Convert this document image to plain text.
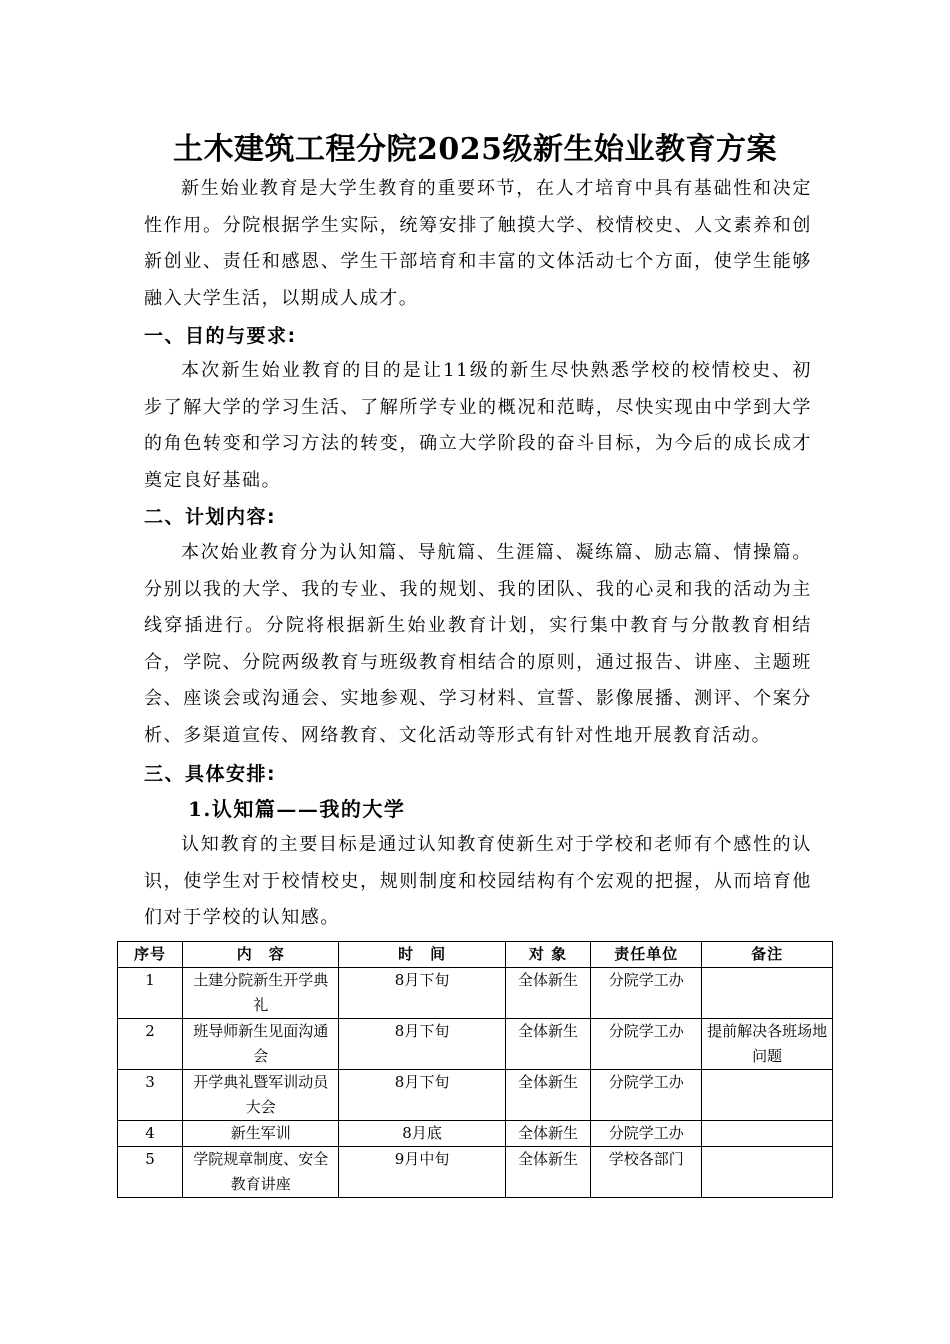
土木建筑工程分院2025级新生始业教育方案

新生始业教育是大学生教育的重要环节，在人才培育中具有基础性和决定性作用。分院根据学生实际，统筹安排了触摸大学、校情校史、人文素养和创新创业、责任和感恩、学生干部培育和丰富的文体活动七个方面，使学生能够融入大学生活，以期成人成才。

一、目的与要求:

本次新生始业教育的目的是让11级的新生尽快熟悉学校的校情校史、初步了解大学的学习生活、了解所学专业的概况和范畴，尽快实现由中学到大学的角色转变和学习方法的转变，确立大学阶段的奋斗目标，为今后的成长成才奠定良好基础。

二、计划内容:

本次始业教育分为认知篇、导航篇、生涯篇、凝练篇、励志篇、情操篇。分别以我的大学、我的专业、我的规划、我的团队、我的心灵和我的活动为主线穿插进行。分院将根据新生始业教育计划，实行集中教育与分散教育相结合，学院、分院两级教育与班级教育相结合的原则，通过报告、讲座、主题班会、座谈会或沟通会、实地参观、学习材料、宣誓、影像展播、测评、个案分析、多渠道宣传、网络教育、文化活动等形式有针对性地开展教育活动。

三、具体安排:
1.认知篇——我的大学

认知教育的主要目标是通过认知教育使新生对于学校和老师有个感性的认识，使学生对于校情校史，规则制度和校园结构有个宏观的把握，从而培育他们对于学校的认知感。

序号	内　容	时　间	对 象	责任单位	备注
1	土建分院新生开学典礼	8月下旬	全体新生	分院学工办	
2	班导师新生见面沟通会	8月下旬	全体新生	分院学工办	提前解决各班场地问题
3	开学典礼暨军训动员大会	8月下旬	全体新生	分院学工办	
4	新生军训	8月底	全体新生	分院学工办	
5	学院规章制度、安全教育讲座	9月中旬	全体新生	学校各部门	
